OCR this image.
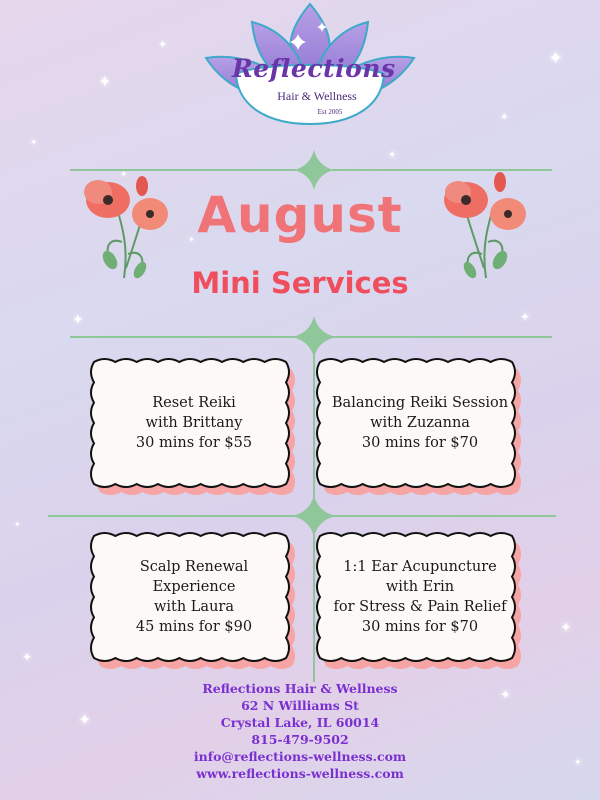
✦
✦
✦
✦
✦
✦
✦
✦
✦
✦
✦
✦
✦
✦
✦
✦
Reflections
Hair & Wellness
Est 2005
August
Mini Services
Reset Reiki
with Brittany
30 mins for $55
Balancing Reiki Session
with Zuzanna
30 mins for $70
Scalp Renewal
Experience
with Laura
45 mins for $90
1:1 Ear Acupuncture
with Erin
for Stress & Pain Relief
30 mins for $70
Reflections Hair & Wellness
62 N Williams St
Crystal Lake, IL 60014
815-479-9502
info@reflections-wellness.com
www.reflections-wellness.com
